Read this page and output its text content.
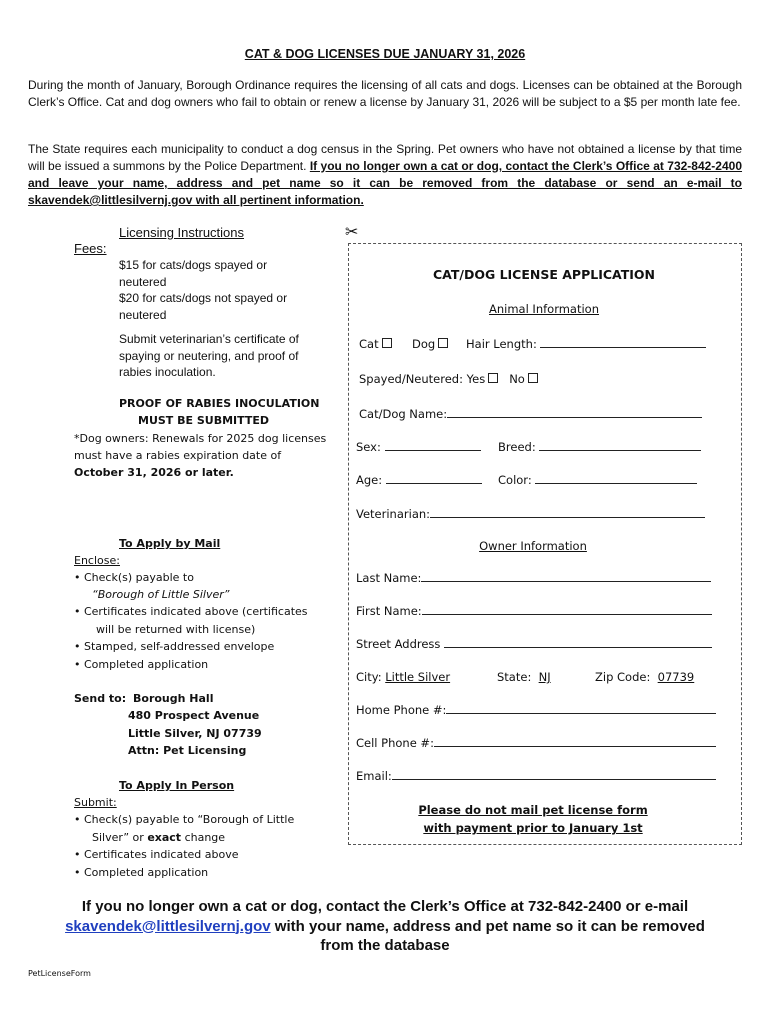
CAT & DOG LICENSES DUE JANUARY 31, 2026
During the month of January, Borough Ordinance requires the licensing of all cats and dogs. Licenses can be obtained at the Borough Clerk’s Office. Cat and dog owners who fail to obtain or renew a license by January 31, 2026 will be subject to a $5 per month late fee.
The State requires each municipality to conduct a dog census in the Spring. Pet owners who have not obtained a license by that time will be issued a summons by the Police Department. If you no longer own a cat or dog, contact the Clerk’s Office at 732-842-2400 and leave your name, address and pet name so it can be removed from the database or send an e-mail to skavendek@littlesilvernj.gov with all pertinent information.
Licensing Instructions
Fees:
$15 for cats/dogs spayed or
neutered
$20 for cats/dogs not spayed or
neutered
Submit veterinarian’s certificate of
spaying or neutering, and proof of
rabies inoculation.
PROOF OF RABIES INOCULATION
MUST BE SUBMITTED
*Dog owners: Renewals for 2025 dog licenses
must have a rabies expiration date of
October 31, 2026 or later.
To Apply by Mail
Enclose:
• Check(s) payable to
“Borough of Little Silver”
• Certificates indicated above (certificates
will be returned with license)
• Stamped, self-addressed envelope
• Completed application
Send to: Borough Hall
480 Prospect Avenue
Little Silver, NJ 07739
Attn: Pet Licensing
To Apply In Person
Submit:
• Check(s) payable to “Borough of Little
Silver” or exact change
• Certificates indicated above
• Completed application
✂
CAT/DOG LICENSE APPLICATION
Animal Information
Cat	Dog	Hair Length:
Spayed/Neutered: Yes No
Cat/Dog Name:
Sex:	Breed:
Age:	Color:
Veterinarian:
Owner Information
Last Name:
First Name:
Street Address
City: Little Silver	State: NJ	Zip Code: 07739
Home Phone #:
Cell Phone #:
Email:
Please do not mail pet license form
with payment prior to January 1st
If you no longer own a cat or dog, contact the Clerk’s Office at 732-842-2400 or e-mail
skavendek@littlesilvernj.gov with your name, address and pet name so it can be removed
from the database
PetLicenseForm
